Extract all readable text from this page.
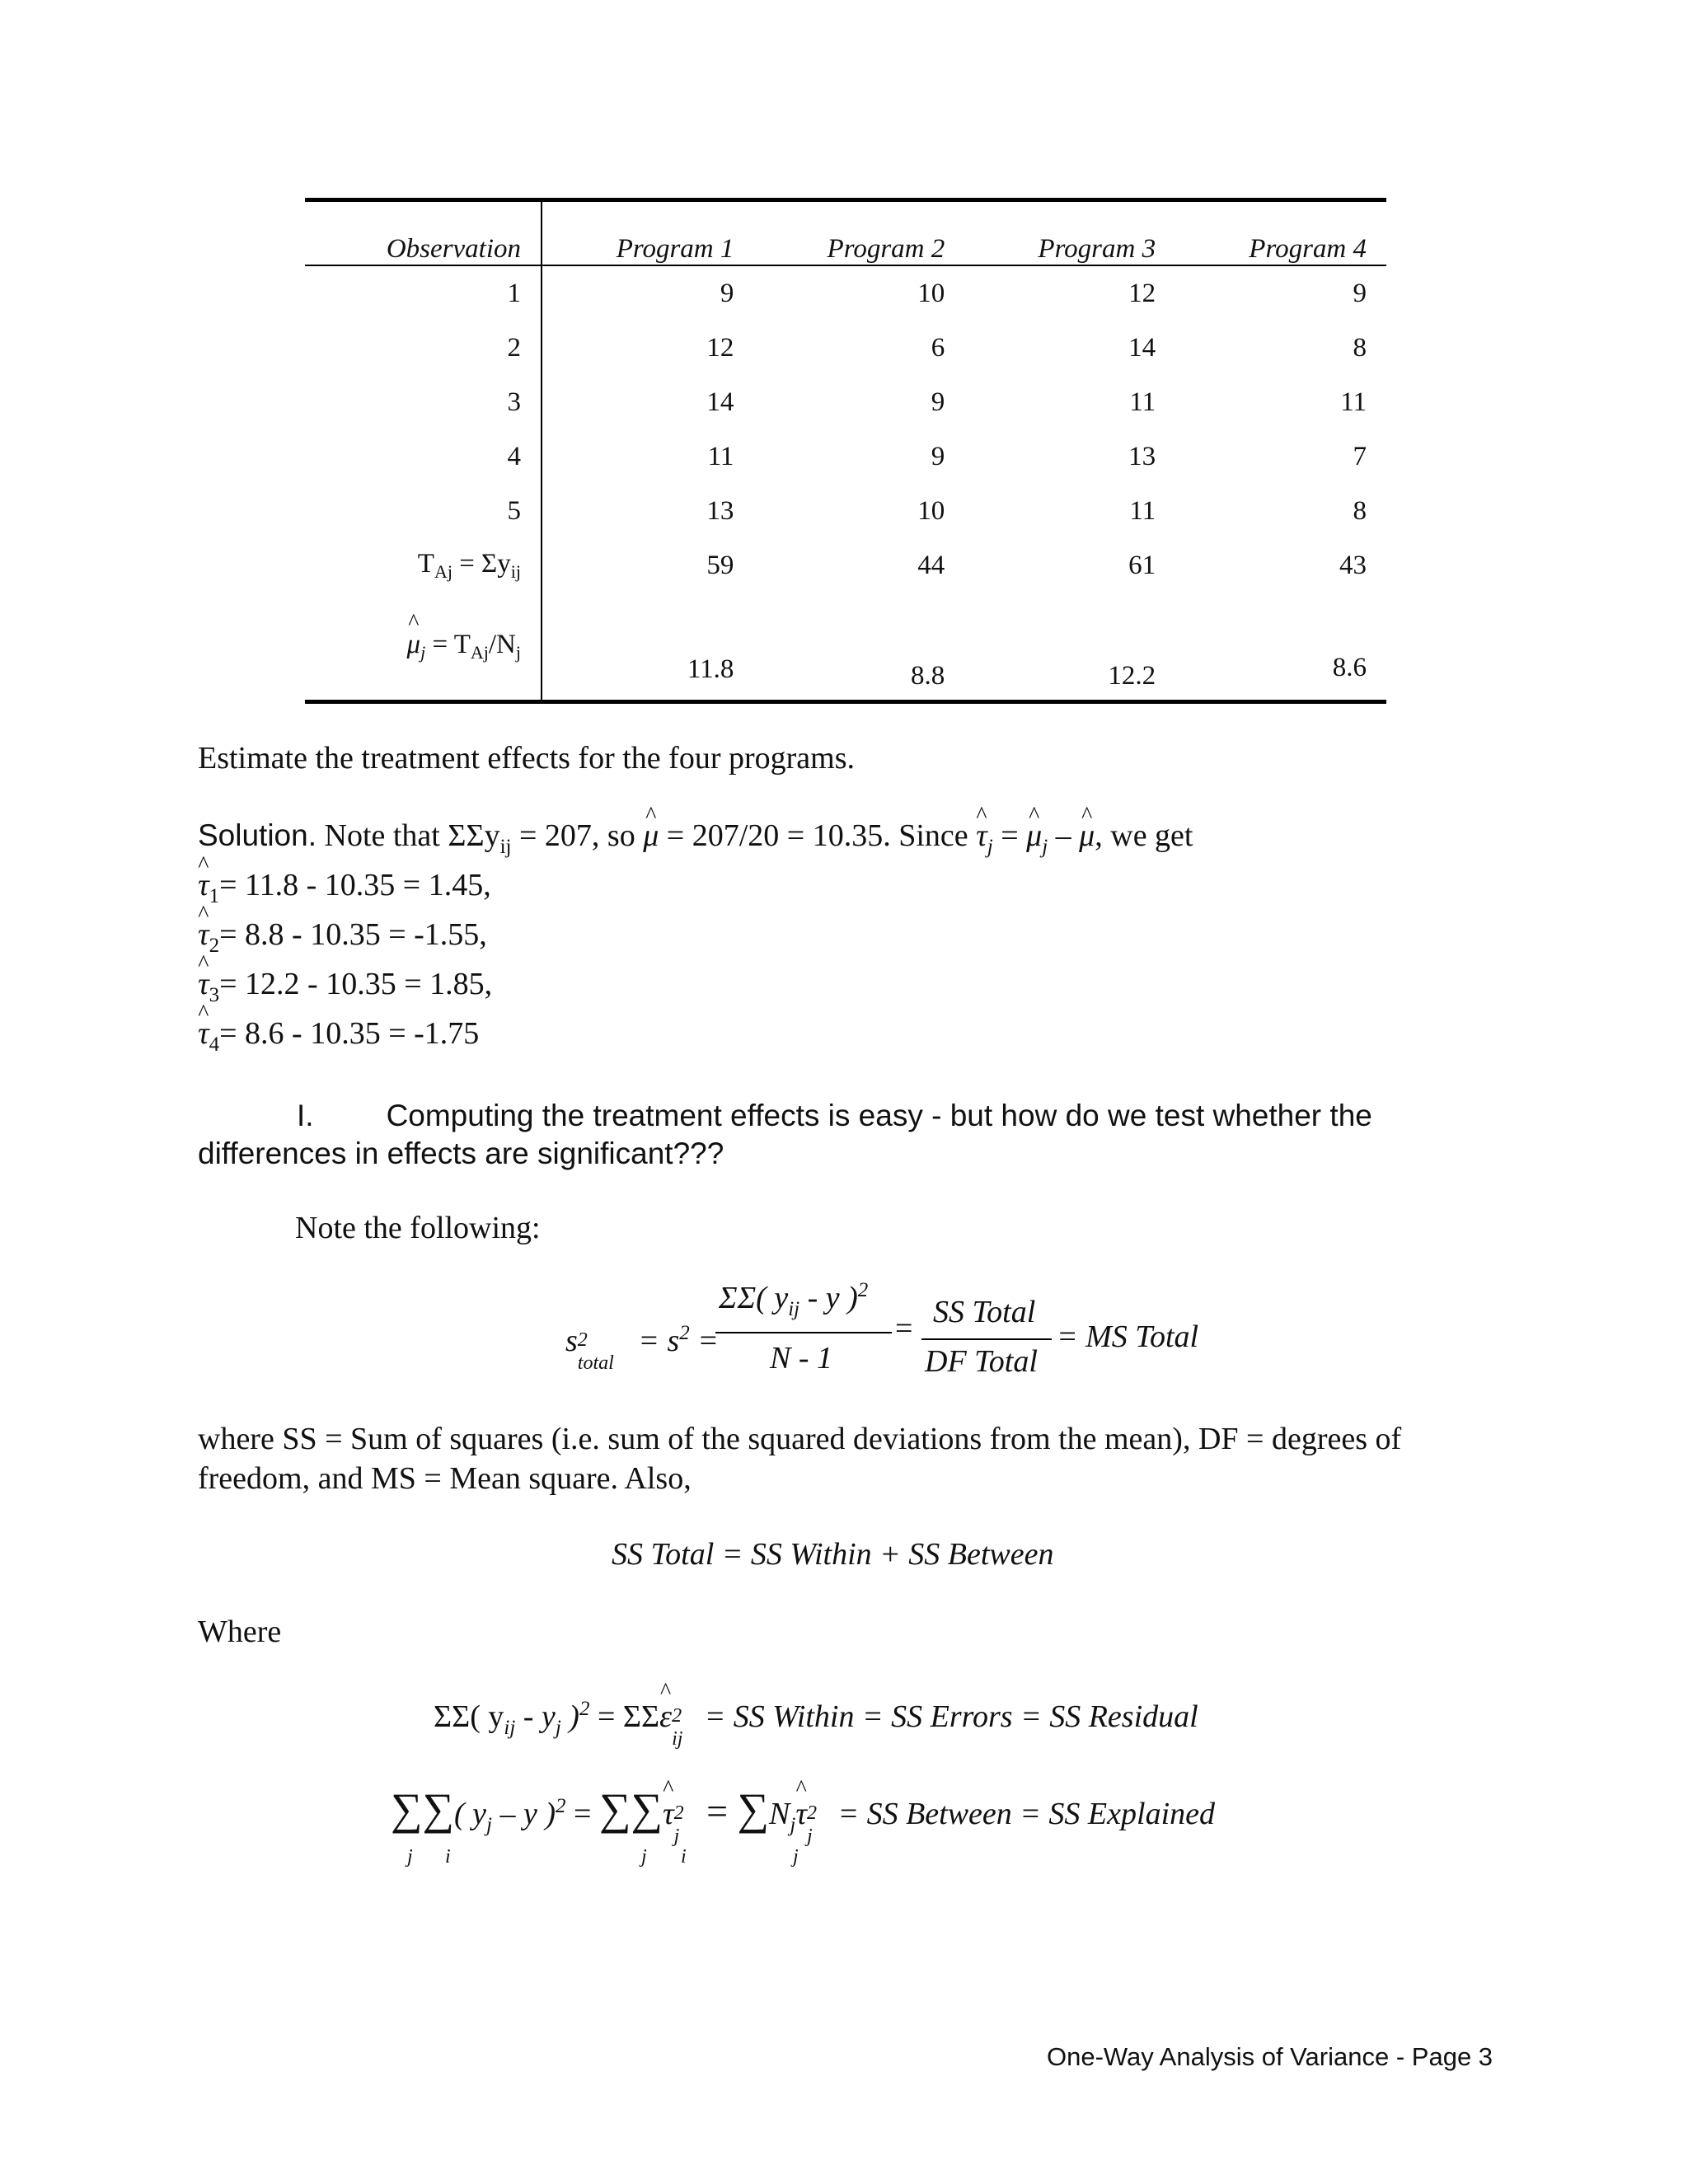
Observation	Program 1	Program 2	Program 3	Program 4
1	9	10	12	9
2	12	6	14	8
3	14	9	11	11
4	11	9	13	7
5	13	10	11	8
$T_{Aj} = \Sigma y_{ij}$	59	44	61	43
^ $\mu_j = T_{Aj}/N_j$	11.8	8.8	12.2	8.6
Estimate the treatment effects for the four programs.
Solution. Note that ΣΣy$_{ij}$ = 207, so ^ μ = 207/20 = 10.35. Since ^ $\tau_j$ = ^ $\mu_j$ – ^ μ, we get
^ $\tau_1= 11.8 - 10.35 = 1.45$,
^ $\tau_2= 8.8 - 10.35 = -1.55$,
^ $\tau_3= 12.2 - 10.35 = 1.85$,
^ $\tau_4= 8.6 - 10.35 = -1.75$
I. Computing the treatment effects is easy - but how do we test whether the
differences in effects are significant???
Note the following:
s 2
total
= $s^2$ =
ΣΣ( $y_{ij}$ - y )$^2$
N - 1
= SS Total
DF Total
= MS Total
where SS = Sum of squares (i.e. sum of the squared deviations from the mean), DF = degrees of
freedom, and MS = Mean square. Also,
SS Total = SS Within + SS Between
Where
ΣΣ( $y_{ij} - y_j$ )$^2$ = ΣΣ^ ε 2
ij
= SS Within = SS Errors = SS Residual
∑∑( $y_j$ – y )$^2$ = ∑∑^ τ 2
j
= $\sum N_j\^{}$ τ 2
j
= SS Between = SS Explained
j i	j i	j
One-Way Analysis of Variance - Page 3
